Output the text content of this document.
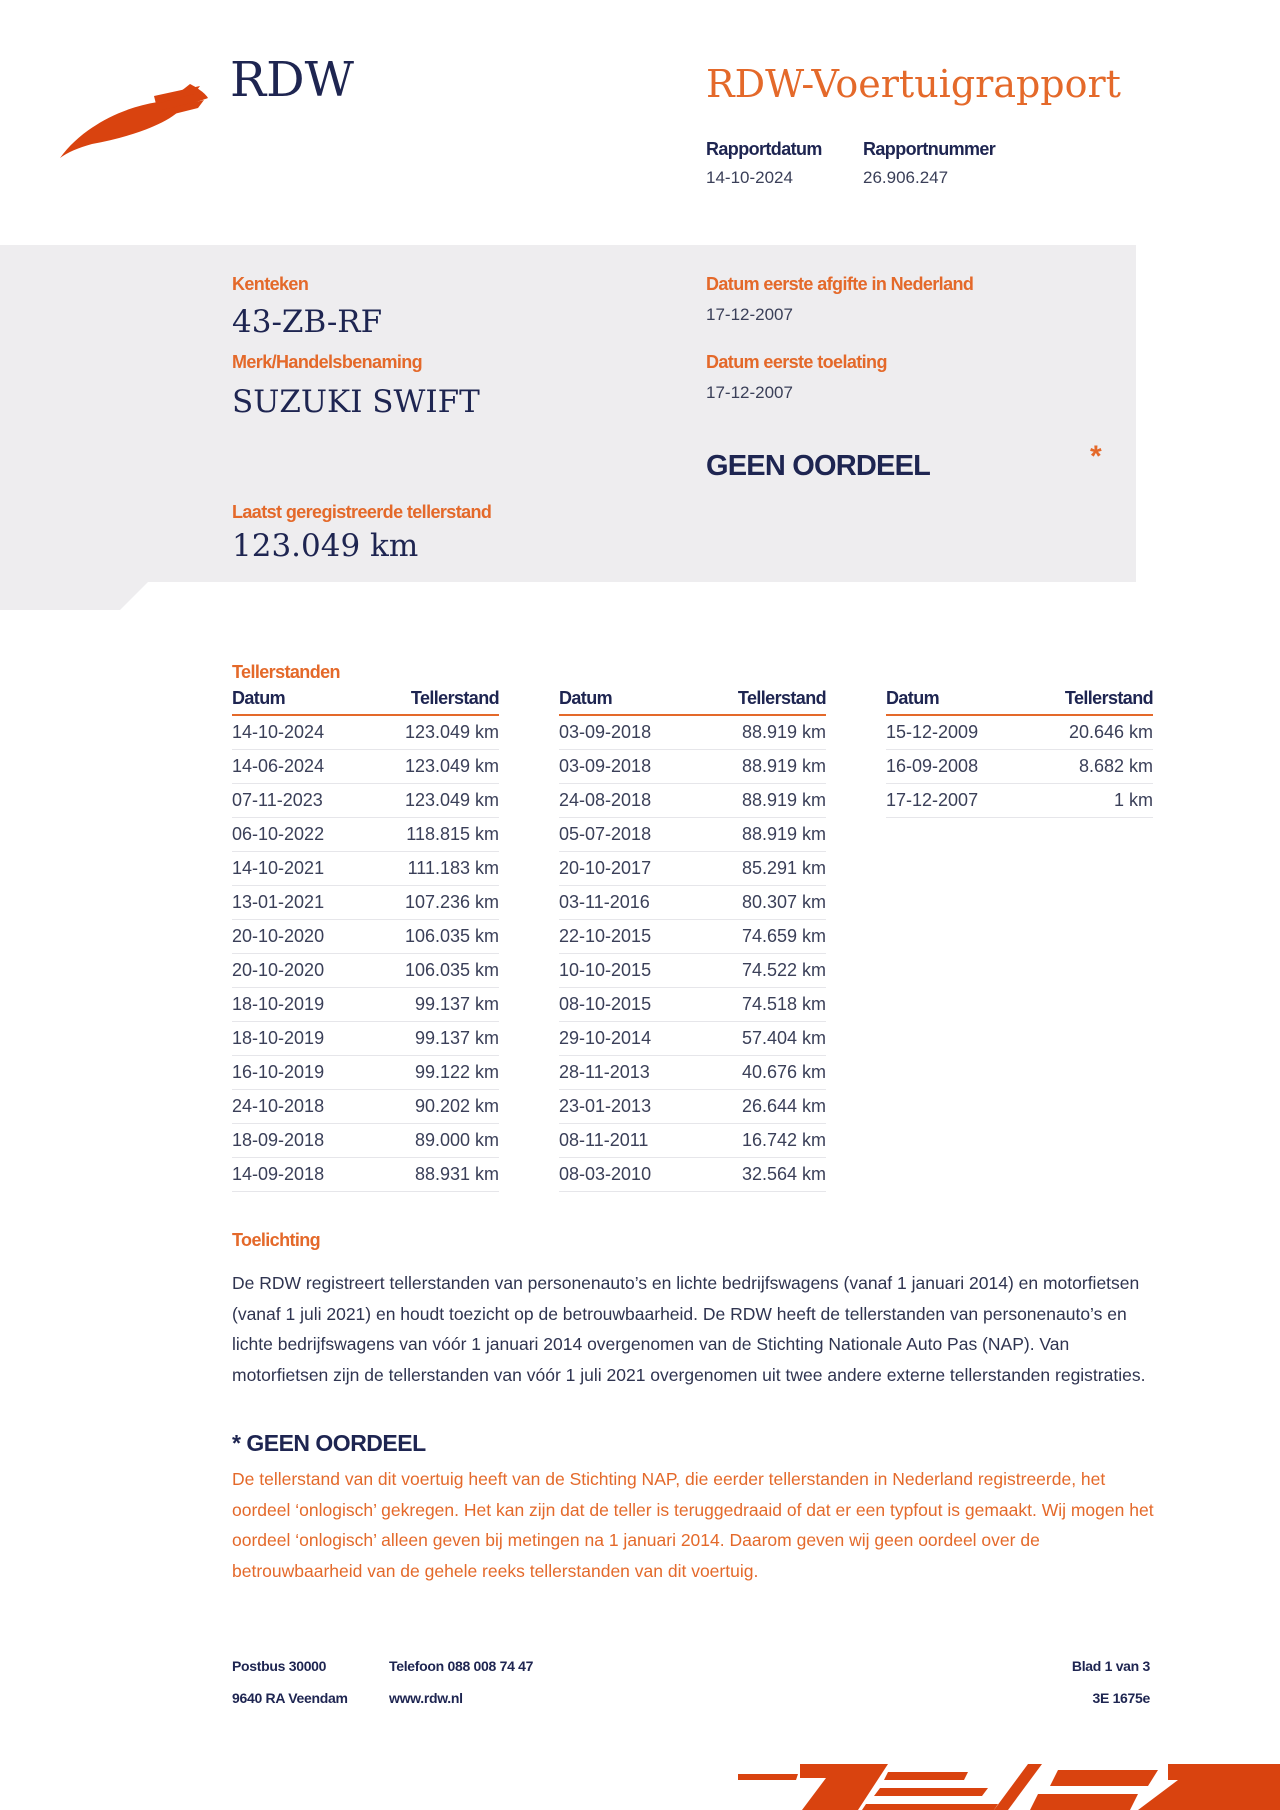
RDW	RDW-Voertuigrapport
Rapportdatum
14-10-2024
Rapportnummer
26.906.247
Kenteken
43-ZB-RF
Merk/Handelsbenaming
SUZUKI SWIFT
Datum eerste afgifte in Nederland
17-12-2007
Datum eerste toelating
17-12-2007
GEEN OORDEEL	*
Laatst geregistreerde tellerstand
123.049 km
Tellerstanden
Datum	Tellerstand
14-10-2024	123.049 km
14-06-2024	123.049 km
07-11-2023	123.049 km
06-10-2022	118.815 km
14-10-2021	111.183 km
13-01-2021	107.236 km
20-10-2020	106.035 km
20-10-2020	106.035 km
18-10-2019	99.137 km
18-10-2019	99.137 km
16-10-2019	99.122 km
24-10-2018	90.202 km
18-09-2018	89.000 km
14-09-2018	88.931 km
Datum	Tellerstand
03-09-2018	88.919 km
03-09-2018	88.919 km
24-08-2018	88.919 km
05-07-2018	88.919 km
20-10-2017	85.291 km
03-11-2016	80.307 km
22-10-2015	74.659 km
10-10-2015	74.522 km
08-10-2015	74.518 km
29-10-2014	57.404 km
28-11-2013	40.676 km
23-01-2013	26.644 km
08-11-2011	16.742 km
08-03-2010	32.564 km
Datum	Tellerstand
15-12-2009	20.646 km
16-09-2008	8.682 km
17-12-2007	1 km
Toelichting
De RDW registreert tellerstanden van personenauto’s en lichte bedrijfswagens (vanaf 1 januari 2014) en motorfietsen (vanaf 1 juli 2021) en houdt toezicht op de betrouwbaarheid. De RDW heeft de tellerstanden van personenauto’s en lichte bedrijfswagens van vóór 1 januari 2014 overgenomen van de Stichting Nationale Auto Pas (NAP). Van motorfietsen zijn de tellerstanden van vóór 1 juli 2021 overgenomen uit twee andere externe tellerstanden registraties.
* GEEN OORDEEL
De tellerstand van dit voertuig heeft van de Stichting NAP, die eerder tellerstanden in Nederland registreerde, het oordeel ‘onlogisch’ gekregen. Het kan zijn dat de teller is teruggedraaid of dat er een typfout is gemaakt. Wij mogen het oordeel ‘onlogisch’ alleen geven bij metingen na 1 januari 2014. Daarom geven wij geen oordeel over de betrouwbaarheid van de gehele reeks tellerstanden van dit voertuig.
Postbus 30000
9640 RA Veendam
Telefoon 088 008 74 47
www.rdw.nl
Blad 1 van 3
3E 1675e
